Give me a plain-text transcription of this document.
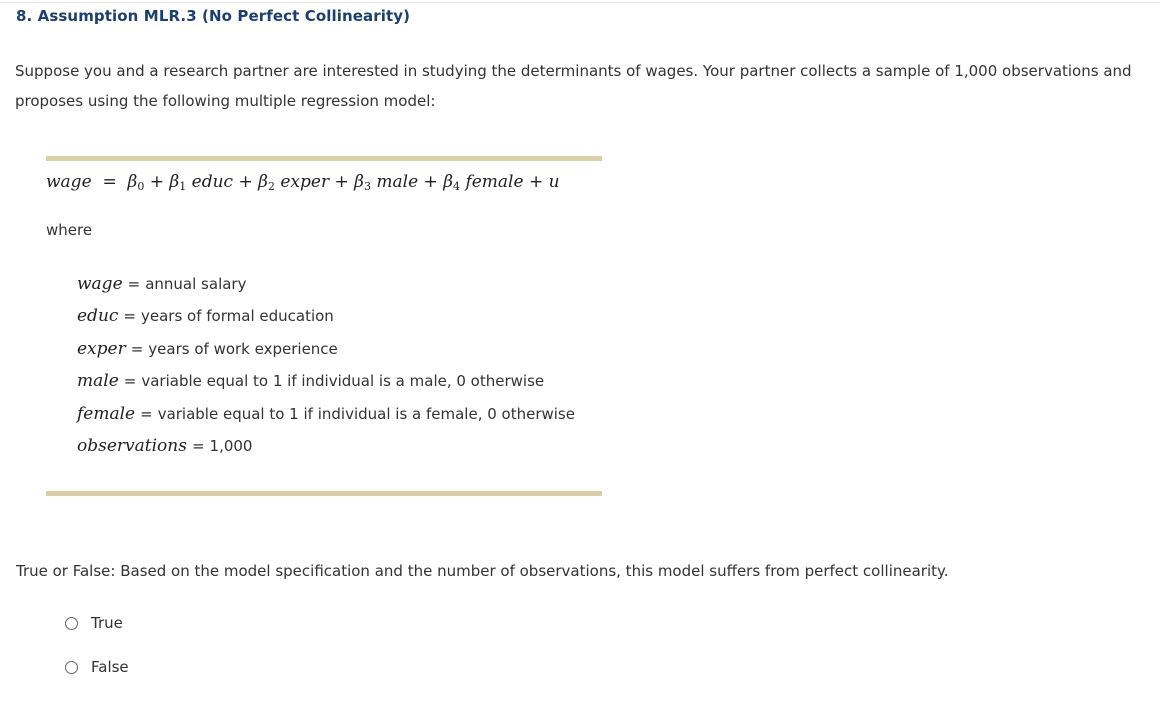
8. Assumption MLR.3 (No Perfect Collinearity)
Suppose you and a research partner are interested in studying the determinants of wages. Your partner collects a sample of 1,000 observations and proposes using the following multiple regression model:
wage = $\beta_0 + \beta_1$ educ + $\beta_2$ exper + $\beta_3$ male + $\beta_4$ female + u
where
wage = annual salary
educ = years of formal education
exper = years of work experience
male = variable equal to 1 if individual is a male, 0 otherwise
female = variable equal to 1 if individual is a female, 0 otherwise
observations = 1,000
True or False: Based on the model specification and the number of observations, this model suffers from perfect collinearity.
True
False
